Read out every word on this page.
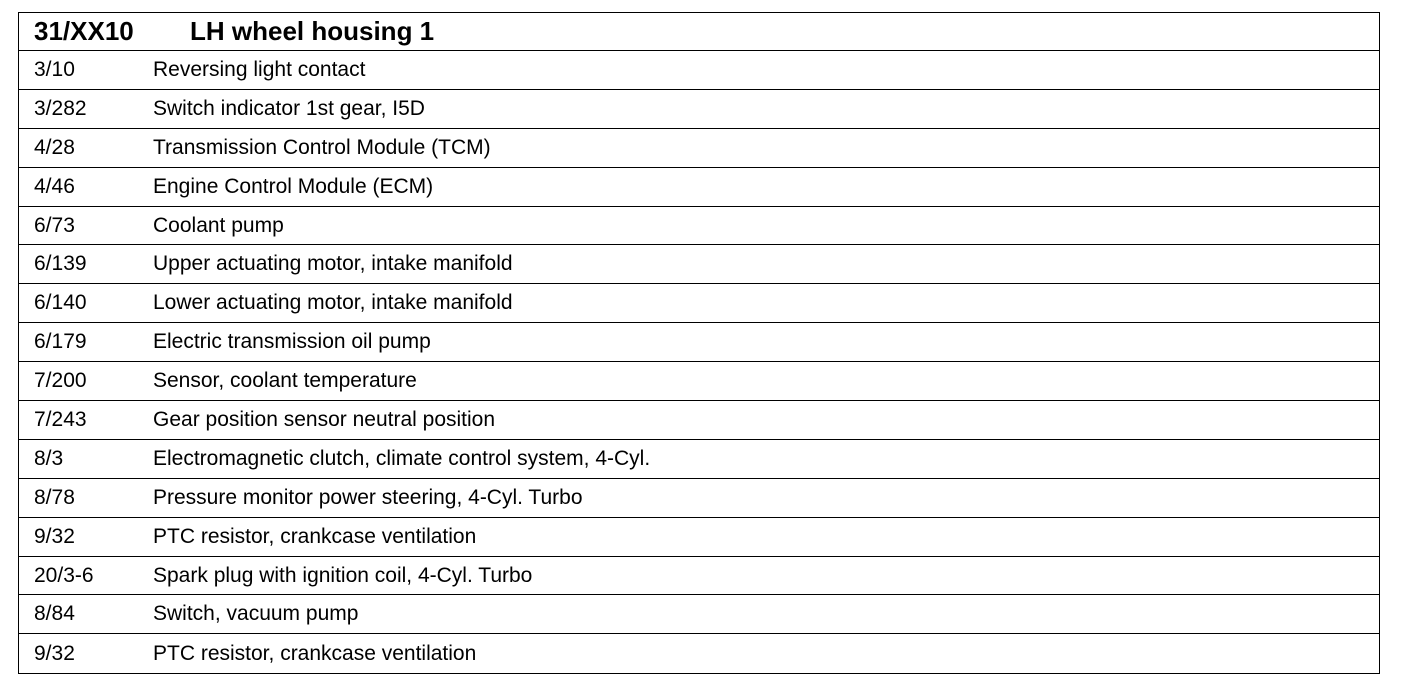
31/XX10	LH wheel housing 1
3/10	Reversing light contact
3/282	Switch indicator 1st gear, I5D
4/28	Transmission Control Module (TCM)
4/46	Engine Control Module (ECM)
6/73	Coolant pump
6/139	Upper actuating motor, intake manifold
6/140	Lower actuating motor, intake manifold
6/179	Electric transmission oil pump
7/200	Sensor, coolant temperature
7/243	Gear position sensor neutral position
8/3	Electromagnetic clutch, climate control system, 4-Cyl.
8/78	Pressure monitor power steering, 4-Cyl. Turbo
9/32	PTC resistor, crankcase ventilation
20/3-6	Spark plug with ignition coil, 4-Cyl. Turbo
8/84	Switch, vacuum pump
9/32	PTC resistor, crankcase ventilation
